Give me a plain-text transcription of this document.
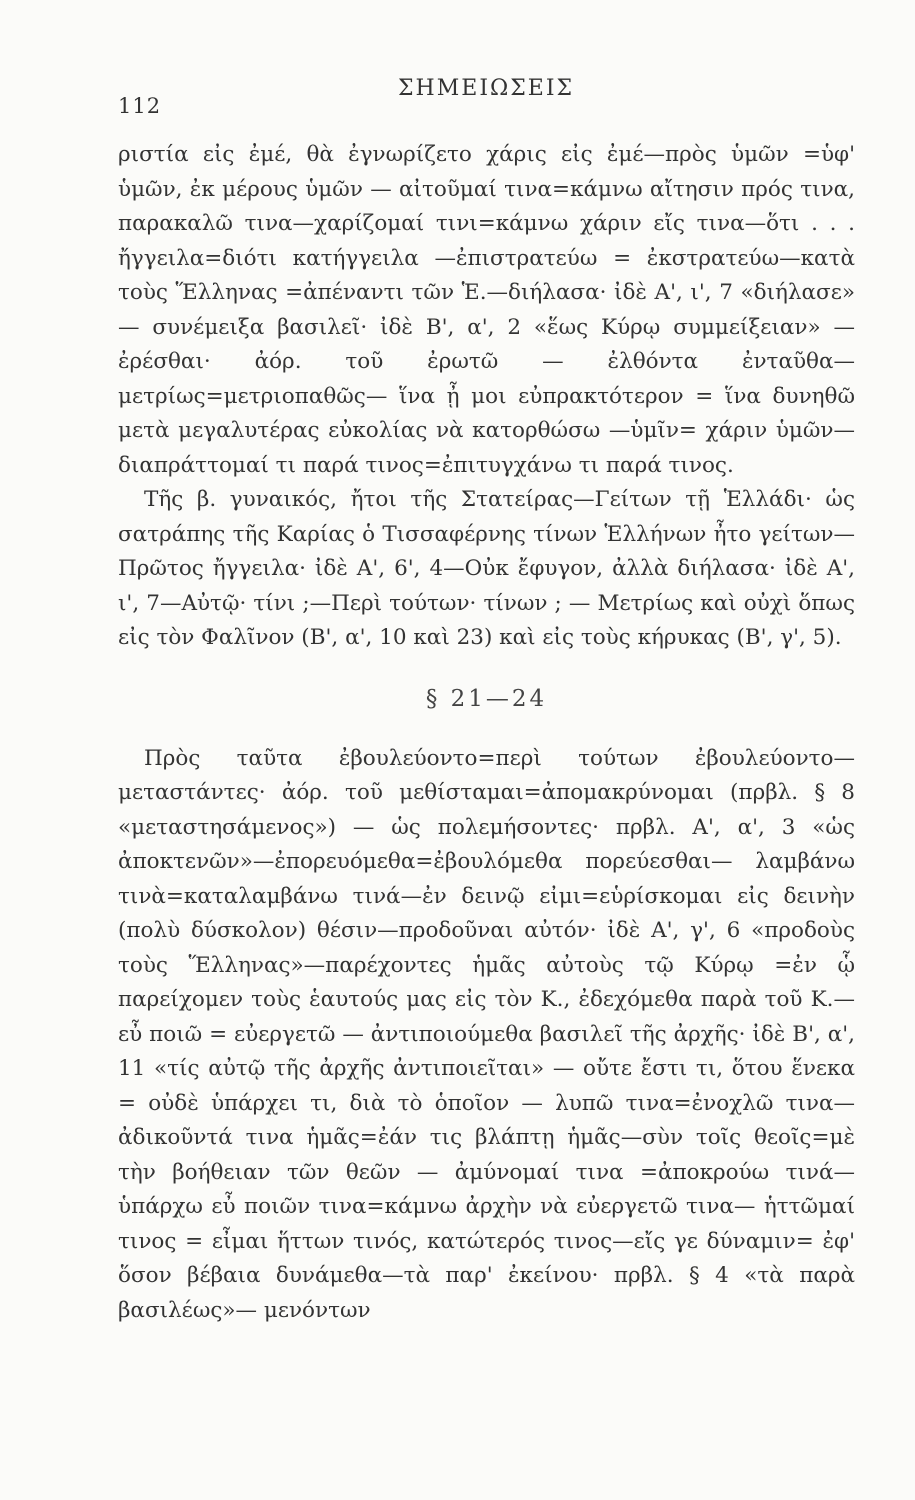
112
ΣΗΜΕΙΩΣΕΙΣ

ριστία εἰς ἐμέ, θὰ ἐγνωρίζετο χάρις εἰς ἐμέ—πρὸς ὑμῶν =ὑφ' ὑμῶν, ἐκ μέρους ὑμῶν — αἰτοῦμαί τινα=κάμνω αἴτησιν πρός τινα, παρακαλῶ τινα—χαρίζομαί τινι=κάμνω χάριν εἴς τινα—ὅτι . . . ἤγγειλα=διότι κατήγγειλα —ἐπιστρατεύω = ἐκστρατεύω—κατὰ τοὺς Ἕλληνας =ἀπέναντι τῶν Ἑ.—διήλασα· ἰδὲ Α', ι', 7 «διήλασε» — συνέμειξα βασιλεῖ· ἰδὲ Β', α', 2 «ἕως Κύρῳ συμμείξειαν» — ἐρέσθαι· ἀόρ. τοῦ ἐρωτῶ — ἐλθόντα ἐνταῦθα—μετρίως=μετριοπαθῶς— ἵνα ᾖ μοι εὐπρακτότερον = ἵνα δυνηθῶ μετὰ μεγαλυτέρας εὐκολίας νὰ κατορθώσω —ὑμῖν= χάριν ὑμῶν—διαπράττομαί τι παρά τινος=ἐπιτυγχάνω τι παρά τινος.

Τῆς β. γυναικός, ἤτοι τῆς Στατείρας—Γείτων τῇ Ἑλλάδι· ὡς σατράπης τῆς Καρίας ὁ Τισσαφέρνης τίνων Ἑλλήνων ἦτο γείτων—Πρῶτος ἤγγειλα· ἰδὲ Α', 6', 4—Οὐκ ἔφυγον, ἀλλὰ διήλασα· ἰδὲ Α', ι', 7—Αὐτῷ· τίνι ;—Περὶ τούτων· τίνων ; — Μετρίως καὶ οὐχὶ ὅπως εἰς τὸν Φαλῖνον (Β', α', 10 καὶ 23) καὶ εἰς τοὺς κήρυκας (Β', γ', 5).

§ 21—24

Πρὸς ταῦτα ἐβουλεύοντο=περὶ τούτων ἐβουλεύοντο—μεταστάντες· ἀόρ. τοῦ μεθίσταμαι=ἀπομακρύνομαι (πρβλ. § 8 «μεταστησάμενος») — ὡς πολεμήσοντες· πρβλ. Α', α', 3 «ὡς ἀποκτενῶν»—ἐπορευόμεθα=ἐβουλόμεθα πορεύεσθαι— λαμβάνω τινὰ=καταλαμβάνω τινά—ἐν δεινῷ εἰμι=εὑρίσκομαι εἰς δεινὴν (πολὺ δύσκολον) θέσιν—προδοῦναι αὐτόν· ἰδὲ Α', γ', 6 «προδοὺς τοὺς Ἕλληνας»—παρέχοντες ἡμᾶς αὐτοὺς τῷ Κύρῳ =ἐν ᾧ παρείχομεν τοὺς ἑαυτούς μας εἰς τὸν Κ., ἐδεχόμεθα παρὰ τοῦ Κ.—εὖ ποιῶ = εὐεργετῶ — ἀντιποιούμεθα βασιλεῖ τῆς ἀρχῆς· ἰδὲ Β', α', 11 «τίς αὐτῷ τῆς ἀρχῆς ἀντιποιεῖται» — οὔτε ἔστι τι, ὅτου ἕνεκα = οὐδὲ ὑπάρχει τι, διὰ τὸ ὁποῖον — λυπῶ τινα=ἐνοχλῶ τινα—ἀδικοῦντά τινα ἡμᾶς=ἐάν τις βλάπτῃ ἡμᾶς—σὺν τοῖς θεοῖς=μὲ τὴν βοήθειαν τῶν θεῶν — ἀμύνομαί τινα =ἀποκρούω τινά—ὑπάρχω εὖ ποιῶν τινα=κάμνω ἀρχὴν νὰ εὐεργετῶ τινα— ἡττῶμαί τινος = εἶμαι ἥττων τινός, κατώτερός τινος—εἴς γε δύναμιν= ἐφ' ὅσον βέβαια δυνάμεθα—τὰ παρ' ἐκείνου· πρβλ. § 4 «τὰ παρὰ βασιλέως»— μενόντων
